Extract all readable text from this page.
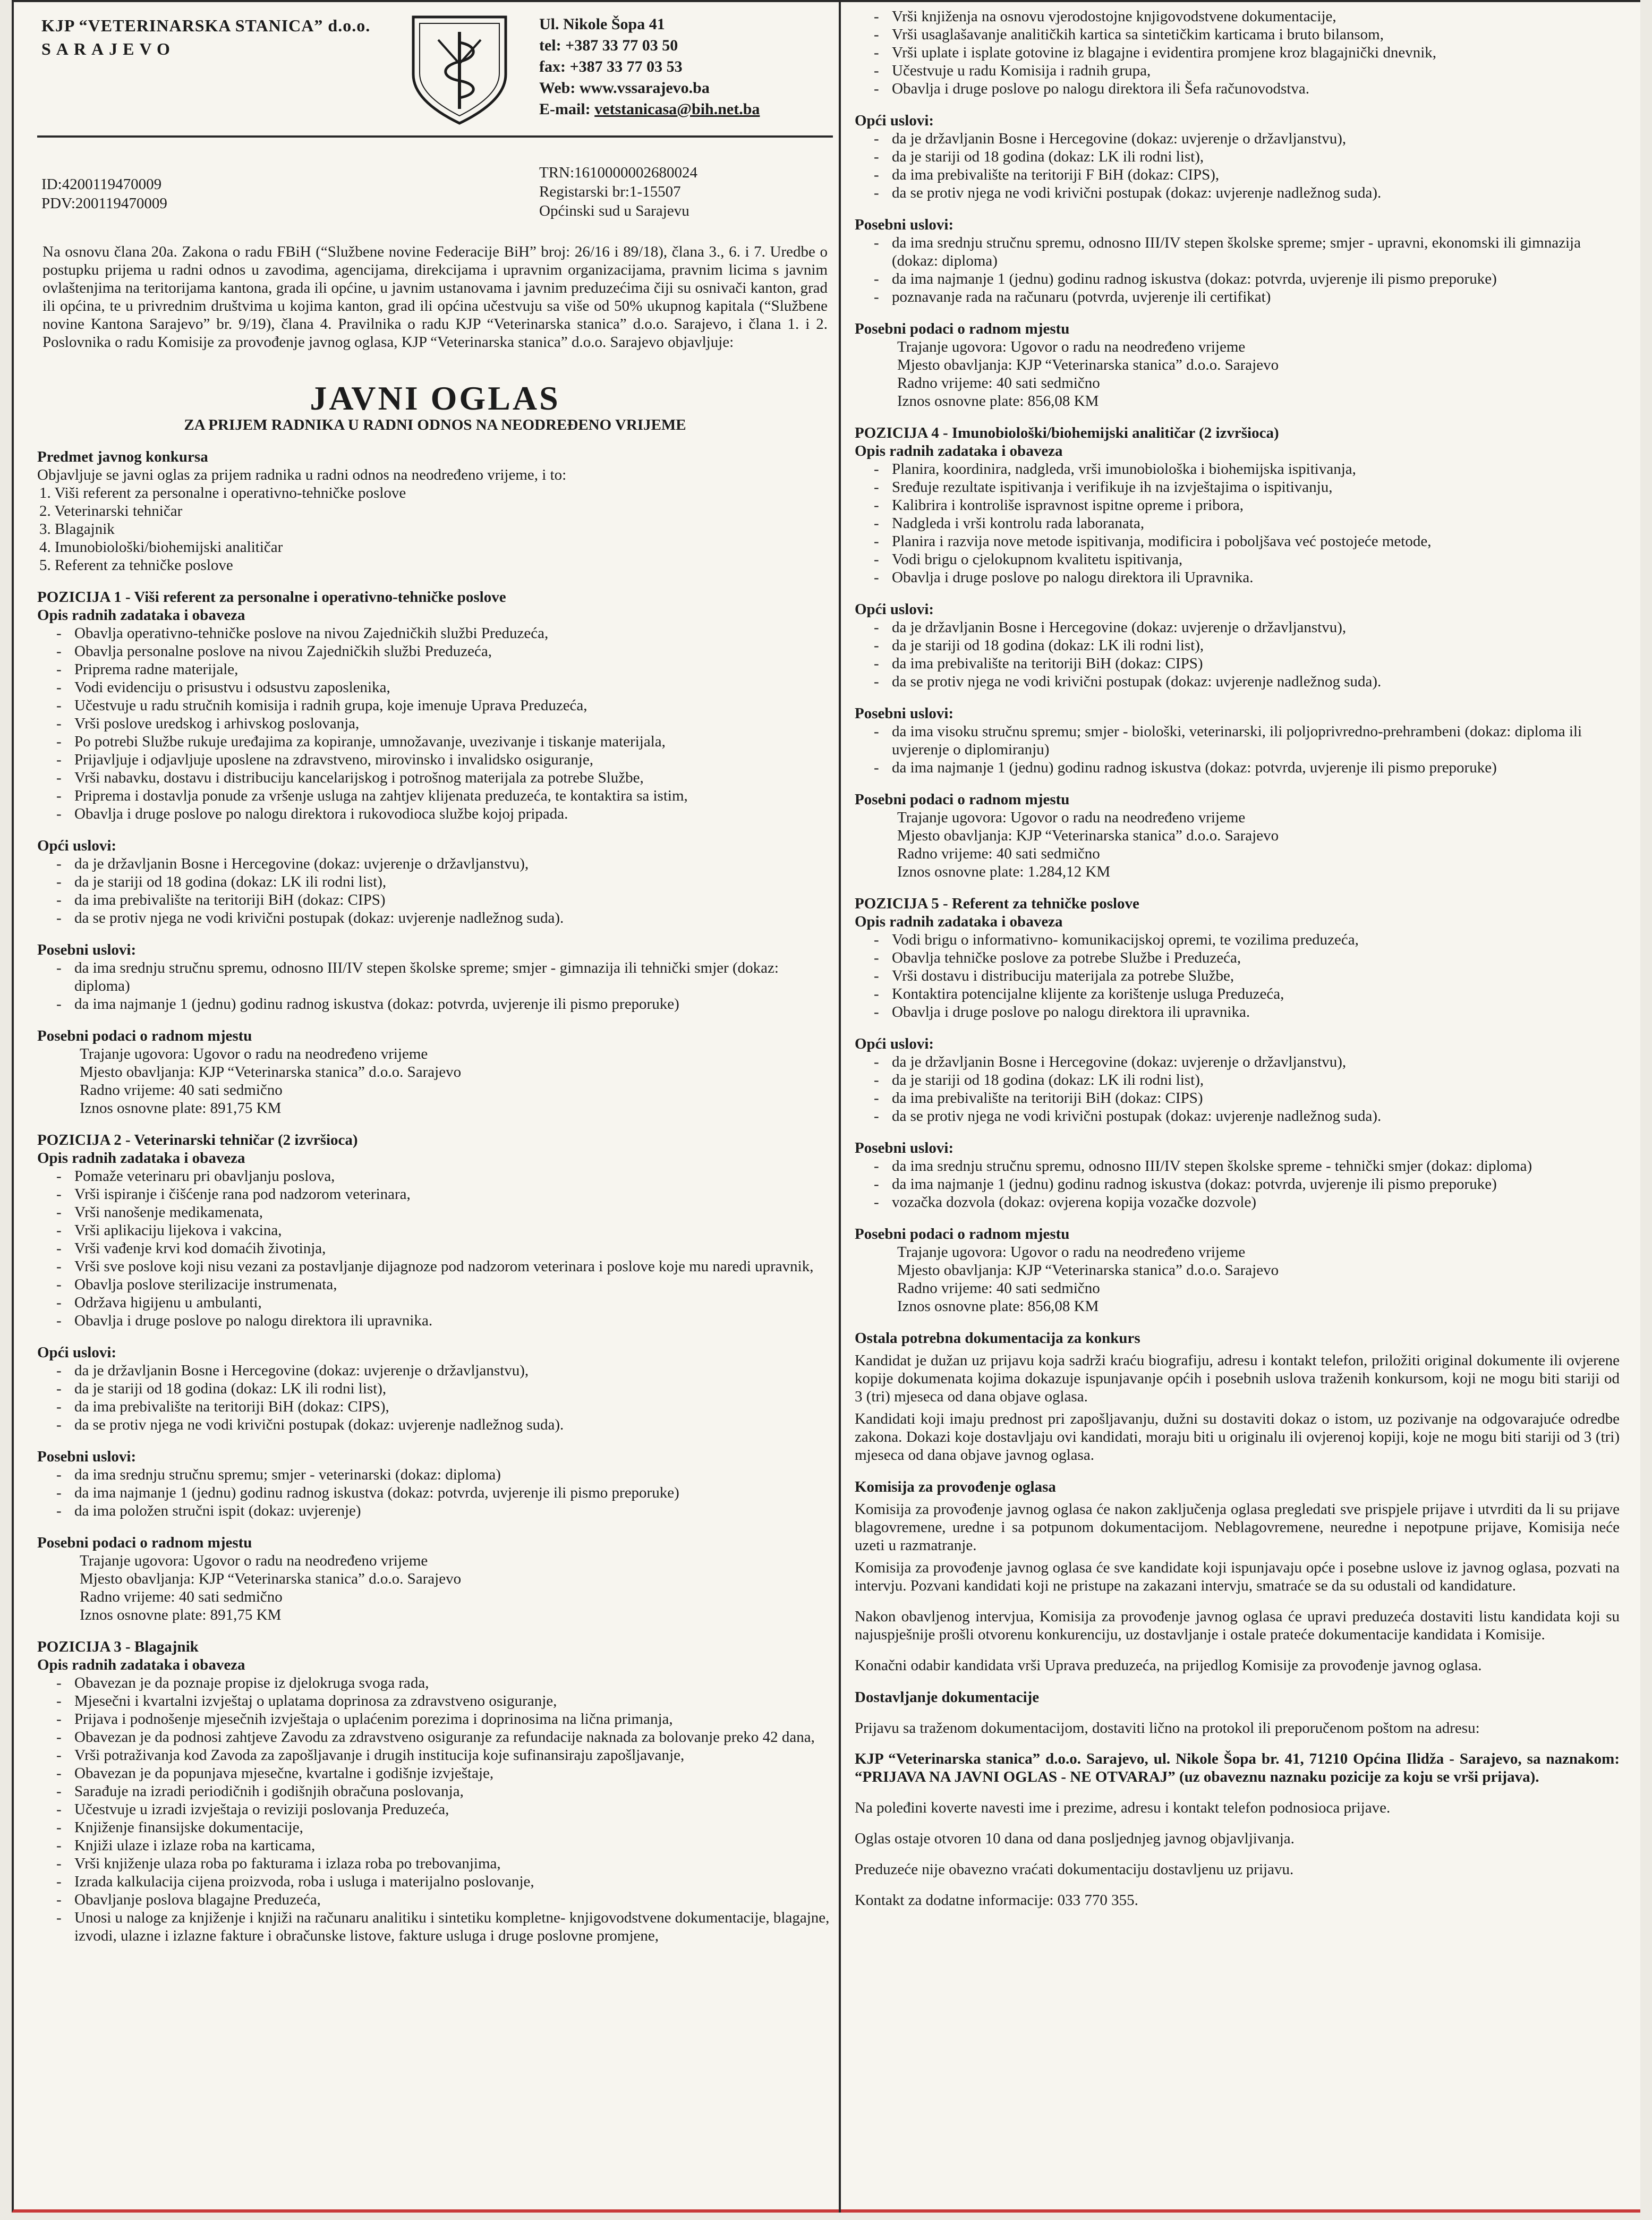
KJP “VETERINARSKA STANICA” d.o.o.
SARAJEVO
Ul. Nikole Šopa 41
tel: +387 33 77 03 50
fax: +387 33 77 03 53
Web: www.vssarajevo.ba
E-mail: vetstanicasa@bih.net.ba
ID:4200119470009
PDV:200119470009
TRN:1610000002680024
Registarski br:1-15507
Općinski sud u Sarajevu

Na osnovu člana 20a. Zakona o radu FBiH (“Službene novine Federacije BiH” broj: 26/16 i 89/18), člana 3., 6. i 7. Uredbe o postupku prijema u radni odnos u zavodima, agencijama, direkcijama i upravnim organizacijama, pravnim licima s javnim ovlaštenjima na teritorijama kantona, grada ili općine, u javnim ustanovama i javnim preduzećima čiji su osnivači kanton, grad ili općina, te u privrednim društvima u kojima kanton, grad ili općina učestvuju sa više od 50% ukupnog kapitala (“Službene novine Kantona Sarajevo” br. 9/19), člana 4. Pravilnika o radu KJP “Veterinarska stanica” d.o.o. Sarajevo, i člana 1. i 2. Poslovnika o radu Komisije za provođenje javnog oglasa, KJP “Veterinarska stanica” d.o.o. Sarajevo objavljuje:

JAVNI OGLAS
ZA PRIJEM RADNIKA U RADNI ODNOS NA NEODREĐENO VRIJEME
Predmet javnog konkursa

Objavljuje se javni oglas za prijem radnika u radni odnos na neodređeno vrijeme, i to:

1. Viši referent za personalne i operativno-tehničke poslove
2. Veterinarski tehničar
3. Blagajnik
4. Imunobiološki/biohemijski analitičar
5. Referent za tehničke poslove
POZICIJA 1 - Viši referent za personalne i operativno-tehničke poslove
Opis radnih zadataka i obaveza
- Obavlja operativno-tehničke poslove na nivou Zajedničkih službi Preduzeća,
- Obavlja personalne poslove na nivou Zajedničkih službi Preduzeća,
- Priprema radne materijale,
- Vodi evidenciju o prisustvu i odsustvu zaposlenika,
- Učestvuje u radu stručnih komisija i radnih grupa, koje imenuje Uprava Preduzeća,
- Vrši poslove uredskog i arhivskog poslovanja,
- Po potrebi Službe rukuje uređajima za kopiranje, umnožavanje, uvezivanje i tiskanje materijala,
- Prijavljuje i odjavljuje uposlene na zdravstveno, mirovinsko i invalidsko osiguranje,
- Vrši nabavku, dostavu i distribuciju kancelarijskog i potrošnog materijala za potrebe Službe,
- Priprema i dostavlja ponude za vršenje usluga na zahtjev klijenata preduzeća, te kontaktira sa istim,
- Obavlja i druge poslove po nalogu direktora i rukovodioca službe kojoj pripada.
Opći uslovi:
- da je državljanin Bosne i Hercegovine (dokaz: uvjerenje o državljanstvu),
- da je stariji od 18 godina (dokaz: LK ili rodni list),
- da ima prebivalište na teritoriji BiH (dokaz: CIPS)
- da se protiv njega ne vodi krivični postupak (dokaz: uvjerenje nadležnog suda).
Posebni uslovi:
- da ima srednju stručnu spremu, odnosno III/IV stepen školske spreme; smjer - gimnazija ili tehnički smjer (dokaz: diploma)
- da ima najmanje 1 (jednu) godinu radnog iskustva (dokaz: potvrda, uvjerenje ili pismo preporuke)
Posebni podaci o radnom mjestu

Trajanje ugovora: Ugovor o radu na neodređeno vrijeme

Mjesto obavljanja: KJP “Veterinarska stanica” d.o.o. Sarajevo

Radno vrijeme: 40 sati sedmično

Iznos osnovne plate: 891,75 KM

POZICIJA 2 - Veterinarski tehničar (2 izvršioca)
Opis radnih zadataka i obaveza
- Pomaže veterinaru pri obavljanju poslova,
- Vrši ispiranje i čišćenje rana pod nadzorom veterinara,
- Vrši nanošenje medikamenata,
- Vrši aplikaciju lijekova i vakcina,
- Vrši vađenje krvi kod domaćih životinja,
- Vrši sve poslove koji nisu vezani za postavljanje dijagnoze pod nadzorom veterinara i poslove koje mu naredi upravnik,
- Obavlja poslove sterilizacije instrumenata,
- Održava higijenu u ambulanti,
- Obavlja i druge poslove po nalogu direktora ili upravnika.
Opći uslovi:
- da je državljanin Bosne i Hercegovine (dokaz: uvjerenje o državljanstvu),
- da je stariji od 18 godina (dokaz: LK ili rodni list),
- da ima prebivalište na teritoriji BiH (dokaz: CIPS),
- da se protiv njega ne vodi krivični postupak (dokaz: uvjerenje nadležnog suda).
Posebni uslovi:
- da ima srednju stručnu spremu; smjer - veterinarski (dokaz: diploma)
- da ima najmanje 1 (jednu) godinu radnog iskustva (dokaz: potvrda, uvjerenje ili pismo preporuke)
- da ima položen stručni ispit (dokaz: uvjerenje)
Posebni podaci o radnom mjestu

Trajanje ugovora: Ugovor o radu na neodređeno vrijeme

Mjesto obavljanja: KJP “Veterinarska stanica” d.o.o. Sarajevo

Radno vrijeme: 40 sati sedmično

Iznos osnovne plate: 891,75 KM

POZICIJA 3 - Blagajnik
Opis radnih zadataka i obaveza
- Obavezan je da poznaje propise iz djelokruga svoga rada,
- Mjesečni i kvartalni izvještaj o uplatama doprinosa za zdravstveno osiguranje,
- Prijava i podnošenje mjesečnih izvještaja o uplaćenim porezima i doprinosima na lična primanja,
- Obavezan je da podnosi zahtjeve Zavodu za zdravstveno osiguranje za refundacije naknada za bolovanje preko 42 dana,
- Vrši potraživanja kod Zavoda za zapošljavanje i drugih institucija koje sufinansiraju zapošljavanje,
- Obavezan je da popunjava mjesečne, kvartalne i godišnje izvještaje,
- Sarađuje na izradi periodičnih i godišnjih obračuna poslovanja,
- Učestvuje u izradi izvještaja o reviziji poslovanja Preduzeća,
- Knjiženje finansijske dokumentacije,
- Knjiži ulaze i izlaze roba na karticama,
- Vrši knjiženje ulaza roba po fakturama i izlaza roba po trebovanjima,
- Izrada kalkulacija cijena proizvoda, roba i usluga i materijalno poslovanje,
- Obavljanje poslova blagajne Preduzeća,
- Unosi u naloge za knjiženje i knjiži na računaru analitiku i sintetiku kompletne- knjigovodstvene dokumentacije, blagajne, izvodi, ulazne i izlazne fakture i obračunske listove, fakture usluga i druge poslovne promjene,
- Vrši knjiženja na osnovu vjerodostojne knjigovodstvene dokumentacije,
- Vrši usaglašavanje analitičkih kartica sa sintetičkim karticama i bruto bilansom,
- Vrši uplate i isplate gotovine iz blagajne i evidentira promjene kroz blagajnički dnevnik,
- Učestvuje u radu Komisija i radnih grupa,
- Obavlja i druge poslove po nalogu direktora ili Šefa računovodstva.
Opći uslovi:
- da je državljanin Bosne i Hercegovine (dokaz: uvjerenje o državljanstvu),
- da je stariji od 18 godina (dokaz: LK ili rodni list),
- da ima prebivalište na teritoriji F BiH (dokaz: CIPS),
- da se protiv njega ne vodi krivični postupak (dokaz: uvjerenje nadležnog suda).
Posebni uslovi:
- da ima srednju stručnu spremu, odnosno III/IV stepen školske spreme; smjer - upravni, ekonomski ili gimnazija (dokaz: diploma)
- da ima najmanje 1 (jednu) godinu radnog iskustva (dokaz: potvrda, uvjerenje ili pismo preporuke)
- poznavanje rada na računaru (potvrda, uvjerenje ili certifikat)
Posebni podaci o radnom mjestu

Trajanje ugovora: Ugovor o radu na neodređeno vrijeme

Mjesto obavljanja: KJP “Veterinarska stanica” d.o.o. Sarajevo

Radno vrijeme: 40 sati sedmično

Iznos osnovne plate: 856,08 KM

POZICIJA 4 - Imunobiološki/biohemijski analitičar (2 izvršioca)
Opis radnih zadataka i obaveza
- Planira, koordinira, nadgleda, vrši imunobiološka i biohemijska ispitivanja,
- Sređuje rezultate ispitivanja i verifikuje ih na izvještajima o ispitivanju,
- Kalibrira i kontroliše ispravnost ispitne opreme i pribora,
- Nadgleda i vrši kontrolu rada laboranata,
- Planira i razvija nove metode ispitivanja, modificira i poboljšava već postojeće metode,
- Vodi brigu o cjelokupnom kvalitetu ispitivanja,
- Obavlja i druge poslove po nalogu direktora ili Upravnika.
Opći uslovi:
- da je državljanin Bosne i Hercegovine (dokaz: uvjerenje o državljanstvu),
- da je stariji od 18 godina (dokaz: LK ili rodni list),
- da ima prebivalište na teritoriji BiH (dokaz: CIPS)
- da se protiv njega ne vodi krivični postupak (dokaz: uvjerenje nadležnog suda).
Posebni uslovi:
- da ima visoku stručnu spremu; smjer - biološki, veterinarski, ili poljoprivredno-prehrambeni (dokaz: diploma ili uvjerenje o diplomiranju)
- da ima najmanje 1 (jednu) godinu radnog iskustva (dokaz: potvrda, uvjerenje ili pismo preporuke)
Posebni podaci o radnom mjestu

Trajanje ugovora: Ugovor o radu na neodređeno vrijeme

Mjesto obavljanja: KJP “Veterinarska stanica” d.o.o. Sarajevo

Radno vrijeme: 40 sati sedmično

Iznos osnovne plate: 1.284,12 KM

POZICIJA 5 - Referent za tehničke poslove
Opis radnih zadataka i obaveza
- Vodi brigu o informativno- komunikacijskoj opremi, te vozilima preduzeća,
- Obavlja tehničke poslove za potrebe Službe i Preduzeća,
- Vrši dostavu i distribuciju materijala za potrebe Službe,
- Kontaktira potencijalne klijente za korištenje usluga Preduzeća,
- Obavlja i druge poslove po nalogu direktora ili upravnika.
Opći uslovi:
- da je državljanin Bosne i Hercegovine (dokaz: uvjerenje o državljanstvu),
- da je stariji od 18 godina (dokaz: LK ili rodni list),
- da ima prebivalište na teritoriji BiH (dokaz: CIPS)
- da se protiv njega ne vodi krivični postupak (dokaz: uvjerenje nadležnog suda).
Posebni uslovi:
- da ima srednju stručnu spremu, odnosno III/IV stepen školske spreme - tehnički smjer (dokaz: diploma)
- da ima najmanje 1 (jednu) godinu radnog iskustva (dokaz: potvrda, uvjerenje ili pismo preporuke)
- vozačka dozvola (dokaz: ovjerena kopija vozačke dozvole)
Posebni podaci o radnom mjestu

Trajanje ugovora: Ugovor o radu na neodređeno vrijeme

Mjesto obavljanja: KJP “Veterinarska stanica” d.o.o. Sarajevo

Radno vrijeme: 40 sati sedmično

Iznos osnovne plate: 856,08 KM

Ostala potrebna dokumentacija za konkurs

Kandidat je dužan uz prijavu koja sadrži kraću biografiju, adresu i kontakt telefon, priložiti original dokumente ili ovjerene kopije dokumenata kojima dokazuje ispunjavanje općih i posebnih uslova traženih konkursom, koji ne mogu biti stariji od 3 (tri) mjeseca od dana objave oglasa.

Kandidati koji imaju prednost pri zapošljavanju, dužni su dostaviti dokaz o istom, uz pozivanje na odgovarajuće odredbe zakona. Dokazi koje dostavljaju ovi kandidati, moraju biti u originalu ili ovjerenoj kopiji, koje ne mogu biti stariji od 3 (tri) mjeseca od dana objave javnog oglasa.

Komisija za provođenje oglasa

Komisija za provođenje javnog oglasa će nakon zaključenja oglasa pregledati sve prispjele prijave i utvrditi da li su prijave blagovremene, uredne i sa potpunom dokumentacijom. Neblagovremene, neuredne i nepotpune prijave, Komisija neće uzeti u razmatranje.

Komisija za provođenje javnog oglasa će sve kandidate koji ispunjavaju opće i posebne uslove iz javnog oglasa, pozvati na intervju. Pozvani kandidati koji ne pristupe na zakazani intervju, smatraće se da su odustali od kandidature.

Nakon obavljenog intervjua, Komisija za provođenje javnog oglasa će upravi preduzeća dostaviti listu kandidata koji su najuspješnije prošli otvorenu konkurenciju, uz dostavljanje i ostale prateće dokumentacije kandidata i Komisije.

Konačni odabir kandidata vrši Uprava preduzeća, na prijedlog Komisije za provođenje javnog oglasa.

Dostavljanje dokumentacije

Prijavu sa traženom dokumentacijom, dostaviti lično na protokol ili preporučenom poštom na adresu:

KJP “Veterinarska stanica” d.o.o. Sarajevo, ul. Nikole Šopa br. 41, 71210 Općina Ilidža - Sarajevo, sa naznakom: “PRIJAVA NA JAVNI OGLAS - NE OTVARAJ” (uz obaveznu naznaku pozicije za koju se vrši prijava).

Na poleđini koverte navesti ime i prezime, adresu i kontakt telefon podnosioca prijave.

Oglas ostaje otvoren 10 dana od dana posljednjeg javnog objavljivanja.

Preduzeće nije obavezno vraćati dokumentaciju dostavljenu uz prijavu.

Kontakt za dodatne informacije: 033 770 355.
